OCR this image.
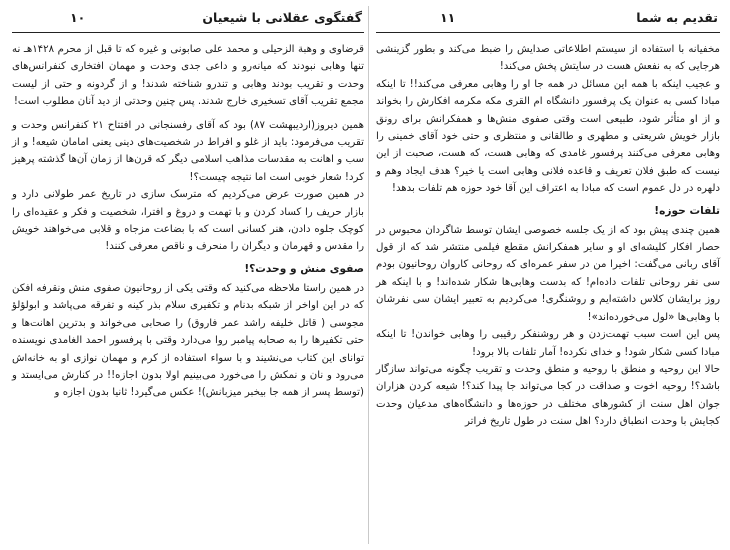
گفتگوی عقلانی با شیعیان
۱۰

قرضاوی و وهبة الزحیلی و محمد علی صابونی و غیره که تا قبل از محرم ۱۴۲۸هـ نه تنها وهابی نبودند که میانه‌رو و داعی جدی وحدت و مهمان افتخاری کنفرانس‌های وحدت و تقریب بودند وهابی و تندرو شناخته شدند! و از گردونه و حتی از لیست مجمع تقریب آقای تسخیری خارج شدند. پس چنین وحدتی از دید آنان مطلوب است!

همین دیروز(اردیبهشت ۸۷) بود که آقای رفسنجانی در افتتاح ۲۱ کنفرانس وحدت و تقریب می‌فرمود: باید از غلو و افراط در شخصیت‌های دینی یعنی امامان شیعه! و از سب و اهانت به مقدسات مذاهب اسلامی دیگر که قرن‌ها از زمان آن‌ها گذشته پرهیز کرد! شعار خوبی است اما نتیجه چیست؟!

در همین صورت عرض می‌کردیم که مترسک سازی در تاریخ عمر طولانی دارد و بازار حریف را کساد کردن و با تهمت و دروغ و افترا، شخصیت و فکر و عقیده‌ای را کوچک جلوه دادن، هنر کسانی است که با بضاعت مزجاه و قلابی می‌خواهند خویش را مقدس و قهرمان و دیگران را منحرف و ناقص معرفی کنند!

صفوی منش و وحدت؟!

در همین راستا ملاحظه می‌کنید که وقتی یکی از روحانیون صفوی منش ونقرفه افکن که در این اواخر از شبکه بدنام و تکفیری سلام بذر کینه و تفرقه می‌پاشد و ابولؤلؤ مجوسی ( قاتل خلیفه راشد عمر فاروق) را صحابی می‌خواند و بدترین اهانت‌ها و حتی تکفیرها را به صحابه پیامبر روا می‌دارد وقتی با پرفسور احمد الغامدی نویسنده توانای این کتاب می‌نشیند و با سواء استفاده از کرم و مهمان نوازی او به خانه‌اش می‌رود و نان و نمکش را می‌خورد می‌بینیم اولا بدون اجازه!! در کنارش می‌ایستد و (توسط پسر از همه جا بیخبر میزبانش)! عکس می‌گیرد! ثانیا بدون اجازه و

تقدیم به شما
۱۱

مخفیانه با استفاده از سیستم اطلاعاتی صدایش را ضبط می‌کند و بطور گزینشی هرجایی که به نفعش هست در سایتش پخش می‌کند!

و عجیب اینکه با همه این مسائل در همه جا او را وهابی معرفی می‌کند!! تا اینکه مبادا کسی به عنوان یک پرفسور دانشگاه ام القری مکه مکرمه افکارش را بخواند و از او متأثر شود، طبیعی است وقتی صفوی منش‌ها و همفکرانش برای رونق بازار خویش شریعتی و مطهری و طالقانی و منتظری و حتی خود آقای خمینی را وهابی معرفی می‌کنند پرفسور غامدی که وهابی هست، که هست، صحبت از این نیست که طبق فلان تعریف و قاعده فلانی وهابی است یا خیر؟ هدف ایجاد وهم و دلهره در دل عموم است که مبادا به اعتراف این آقا خود حوزه هم تلفات بدهد!

تلفات حوزه!

همین چندی پیش بود که از یک جلسه خصوصی ایشان توسط شاگردان محبوس در حصار افکار کلیشه‌ای او و سایر همفکرانش مقطع فیلمی منتشر شد که از قول آقای ربانی می‌گفت: اخیرا من در سفر عمره‌ای که روحانی کاروان روحانیون بودم سی نفر روحانی تلفات داده‌ام! که بدست وهابی‌ها شکار شده‌اند! و با اینکه هر روز برایشان کلاس داشته‌ایم و روشنگری! می‌کردیم به تعبیر ایشان سی نفرشان با وهابی‌ها «لول می‌خورده‌اند»!

پس این است سبب تهمت‌زدن و هر روشنفکر رقیبی را وهابی خواندن! تا اینکه مبادا کسی شکار شود! و خدای نکرده! آمار تلفات بالا برود!

حالا این روحیه و منطق با روحیه و منطق وحدت و تقریب چگونه می‌تواند سازگار باشد؟! روحیه اخوت و صداقت در کجا می‌تواند جا پیدا کند؟! شیعه کردن هزاران جوان اهل سنت از کشورهای مختلف در حوزه‌ها و دانشگاه‌های مدعیان وحدت کجایش با وحدت انطباق دارد؟ اهل سنت در طول تاریخ فراتر
